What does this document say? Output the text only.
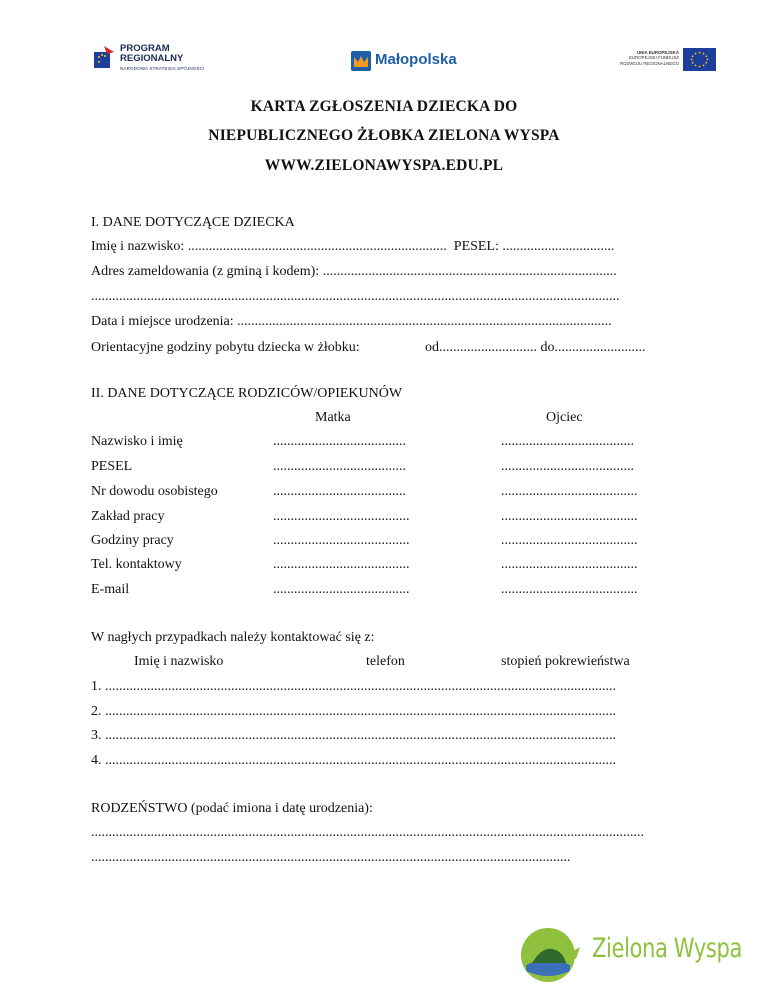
PROGRAM
REGIONALNY
NARODOWA STRATEGIA SPÓJNOŚCI
Małopolska	UNIA EUROPEJSKA
EUROPEJSKI FUNDUSZ
ROZWOJU REGIONALNEGO
KARTA ZGŁOSZENIA DZIECKA DO
NIEPUBLICZNEGO ŻŁOBKA ZIELONA WYSPA
WWW.ZIELONAWYSPA.EDU.PL
I. DANE DOTYCZĄCE DZIECKA
Imię i nazwisko: ..........................................................................  PESEL: ................................
Adres zameldowania (z gminą i kodem): ....................................................................................
.......................................................................................................................................................
Data i miejsce urodzenia: ...........................................................................................................
Orientacyjne godziny pobytu dziecka w żłobku:	od............................ do..........................
II. DANE DOTYCZĄCE RODZICÓW/OPIEKUNÓW
Matka	Ojciec
Nazwisko i imię	......................................	......................................
PESEL	......................................	......................................
Nr dowodu osobistego	......................................	.......................................
Zakład pracy	.......................................	.......................................
Godziny pracy	.......................................	.......................................
Tel. kontaktowy	.......................................	.......................................
E-mail	.......................................	.......................................
W nagłych przypadkach należy kontaktować się z:
Imię i nazwisko	telefon	stopień pokrewieństwa
1. ..................................................................................................................................................
2. ..................................................................................................................................................
3. ..................................................................................................................................................
4. ..................................................................................................................................................
RODZEŃSTWO (podać imiona i datę urodzenia):
..............................................................................................................................................................
.........................................................................................................................................
Zielona Wyspa
